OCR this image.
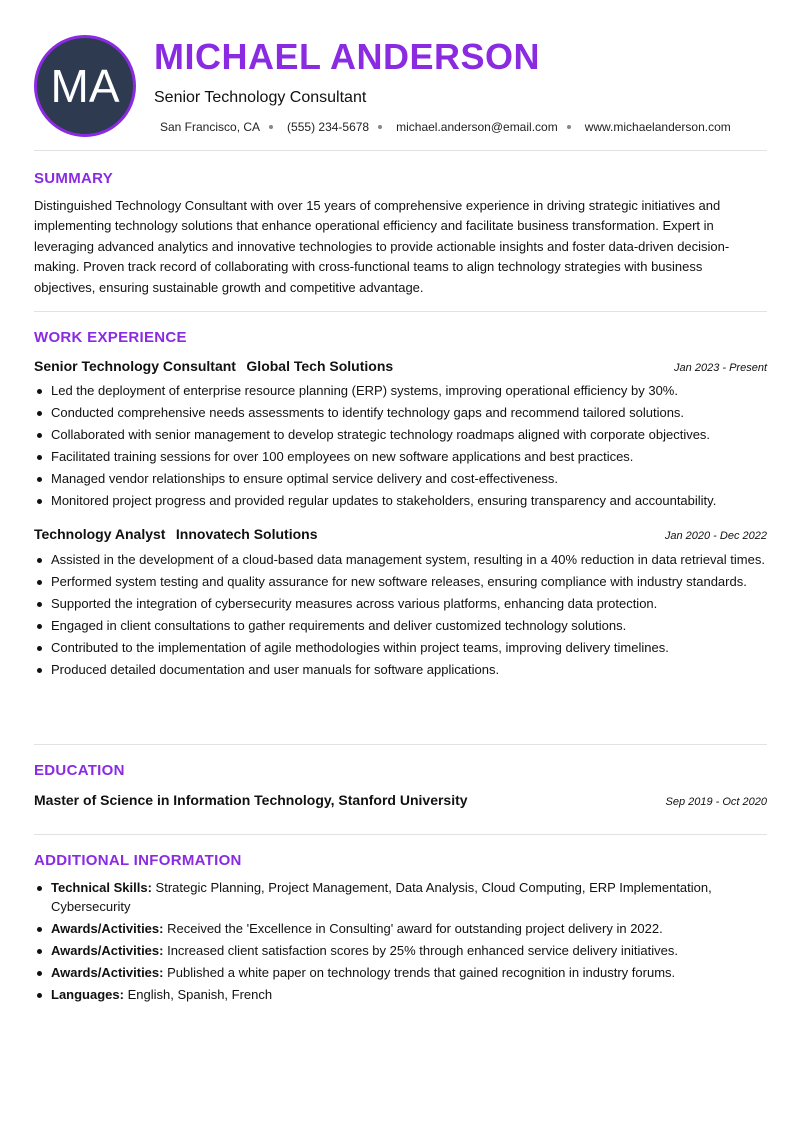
MA
MICHAEL ANDERSON
Senior Technology Consultant
San Francisco, CA (555) 234-5678 michael.anderson@email.com www.michaelanderson.com
SUMMARY
Distinguished Technology Consultant with over 15 years of comprehensive experience in driving strategic initiatives and implementing technology solutions that enhance operational efficiency and facilitate business transformation. Expert in leveraging advanced analytics and innovative technologies to provide actionable insights and foster data-driven decision-making. Proven track record of collaborating with cross-functional teams to align technology strategies with business objectives, ensuring sustainable growth and competitive advantage.
WORK EXPERIENCE
Senior Technology Consultant Global Tech Solutions	Jan 2023 - Present
Led the deployment of enterprise resource planning (ERP) systems, improving operational efficiency by 30%.
Conducted comprehensive needs assessments to identify technology gaps and recommend tailored solutions.
Collaborated with senior management to develop strategic technology roadmaps aligned with corporate objectives.
Facilitated training sessions for over 100 employees on new software applications and best practices.
Managed vendor relationships to ensure optimal service delivery and cost-effectiveness.
Monitored project progress and provided regular updates to stakeholders, ensuring transparency and accountability.
Technology Analyst Innovatech Solutions	Jan 2020 - Dec 2022
Assisted in the development of a cloud-based data management system, resulting in a 40% reduction in data retrieval times.
Performed system testing and quality assurance for new software releases, ensuring compliance with industry standards.
Supported the integration of cybersecurity measures across various platforms, enhancing data protection.
Engaged in client consultations to gather requirements and deliver customized technology solutions.
Contributed to the implementation of agile methodologies within project teams, improving delivery timelines.
Produced detailed documentation and user manuals for software applications.
EDUCATION
Master of Science in Information Technology, Stanford University	Sep 2019 - Oct 2020
ADDITIONAL INFORMATION
Technical Skills: Strategic Planning, Project Management, Data Analysis, Cloud Computing, ERP Implementation, Cybersecurity
Awards/Activities: Received the 'Excellence in Consulting' award for outstanding project delivery in 2022.
Awards/Activities: Increased client satisfaction scores by 25% through enhanced service delivery initiatives.
Awards/Activities: Published a white paper on technology trends that gained recognition in industry forums.
Languages: English, Spanish, French
